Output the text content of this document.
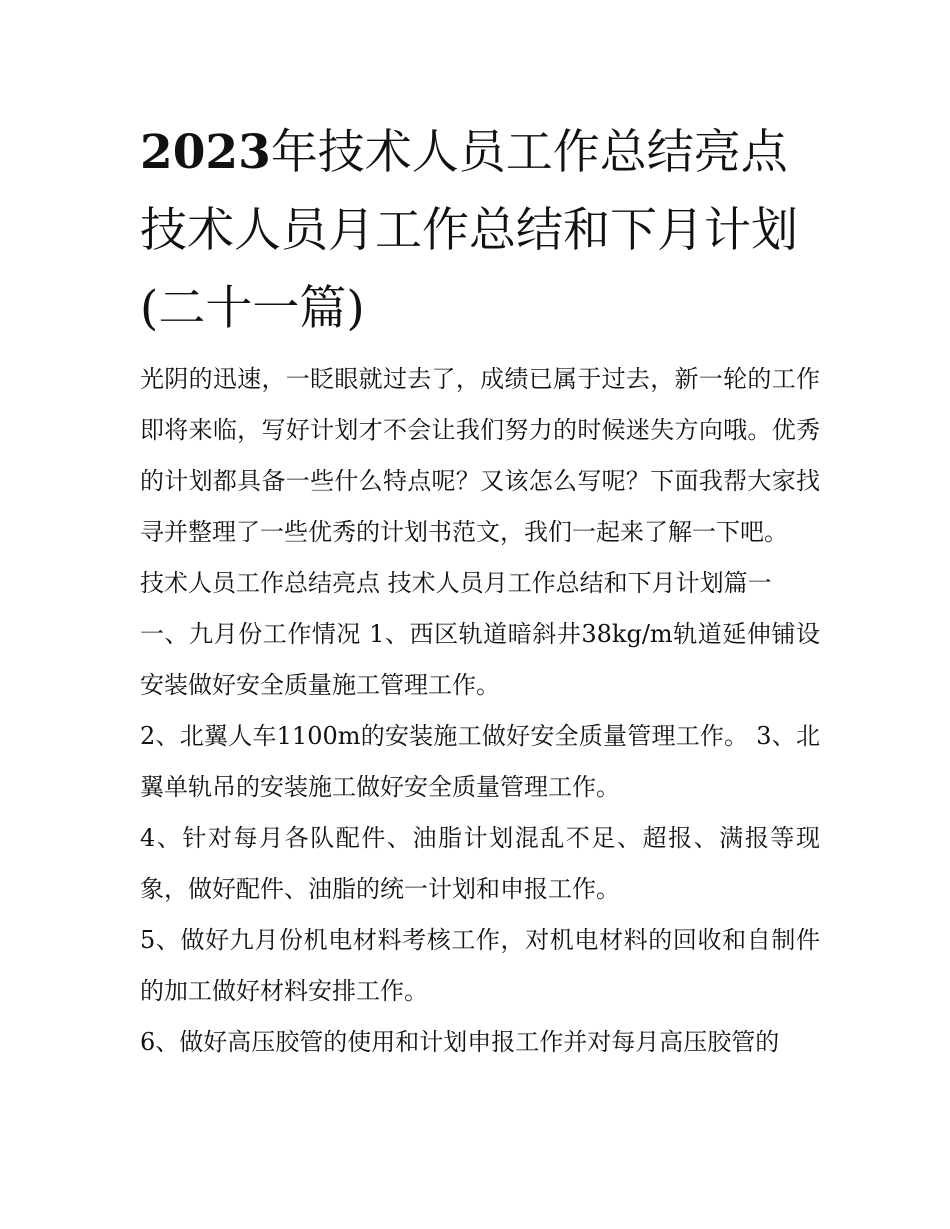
2023年技术人员工作总结亮点 技术人员月工作总结和下月计划(二十一篇)

光阴的迅速，一眨眼就过去了，成绩已属于过去，新一轮的工作即将来临，写好计划才不会让我们努力的时候迷失方向哦。优秀的计划都具备一些什么特点呢？又该怎么写呢？下面我帮大家找寻并整理了一些优秀的计划书范文，我们一起来了解一下吧。

技术人员工作总结亮点 技术人员月工作总结和下月计划篇一

一、九月份工作情况 1、西区轨道暗斜井38kg/m轨道延伸铺设安装做好安全质量施工管理工作。

2、北翼人车1100m的安装施工做好安全质量管理工作。 3、北翼单轨吊的安装施工做好安全质量管理工作。

4、针对每月各队配件、油脂计划混乱不足、超报、满报等现象，做好配件、油脂的统一计划和申报工作。

5、做好九月份机电材料考核工作，对机电材料的回收和自制件的加工做好材料安排工作。

6、做好高压胶管的使用和计划申报工作并对每月高压胶管的
